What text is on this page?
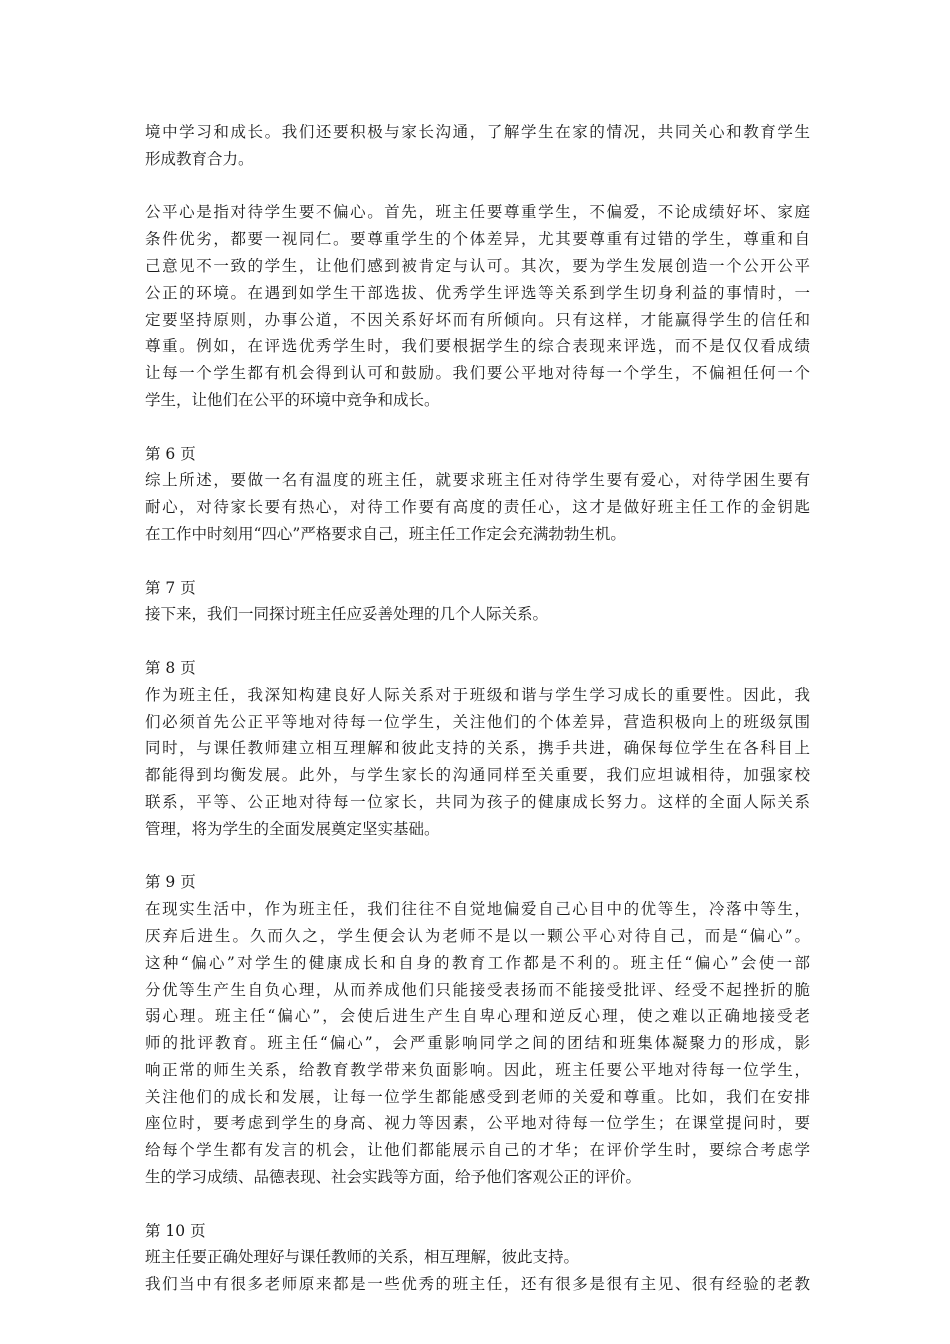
境中学习和成长。我们还要积极与家长沟通，了解学生在家的情况，共同关心和教育学生
形成教育合力。
公平心是指对待学生要不偏心。首先，班主任要尊重学生，不偏爱，不论成绩好坏、家庭
条件优劣，都要一视同仁。要尊重学生的个体差异，尤其要尊重有过错的学生，尊重和自
己意见不一致的学生，让他们感到被肯定与认可。其次，要为学生发展创造一个公开公平
公正的环境。在遇到如学生干部选拔、优秀学生评选等关系到学生切身利益的事情时，一
定要坚持原则，办事公道，不因关系好坏而有所倾向。只有这样，才能赢得学生的信任和
尊重。例如，在评选优秀学生时，我们要根据学生的综合表现来评选，而不是仅仅看成绩
让每一个学生都有机会得到认可和鼓励。我们要公平地对待每一个学生，不偏袒任何一个
学生，让他们在公平的环境中竞争和成长。
第 6 页
综上所述，要做一名有温度的班主任，就要求班主任对待学生要有爱心，对待学困生要有
耐心，对待家长要有热心，对待工作要有高度的责任心，这才是做好班主任工作的金钥匙
在工作中时刻用“四心”严格要求自己，班主任工作定会充满勃勃生机。
第 7 页
接下来，我们一同探讨班主任应妥善处理的几个人际关系。
第 8 页
作为班主任，我深知构建良好人际关系对于班级和谐与学生学习成长的重要性。因此，我
们必须首先公正平等地对待每一位学生，关注他们的个体差异，营造积极向上的班级氛围
同时，与课任教师建立相互理解和彼此支持的关系，携手共进，确保每位学生在各科目上
都能得到均衡发展。此外，与学生家长的沟通同样至关重要，我们应坦诚相待，加强家校
联系，平等、公正地对待每一位家长，共同为孩子的健康成长努力。这样的全面人际关系
管理，将为学生的全面发展奠定坚实基础。
第 9 页
在现实生活中，作为班主任，我们往往不自觉地偏爱自己心目中的优等生，冷落中等生，
厌弃后进生。久而久之，学生便会认为老师不是以一颗公平心对待自己，而是“偏心”。
这种“偏心”对学生的健康成长和自身的教育工作都是不利的。班主任“偏心”会使一部
分优等生产生自负心理，从而养成他们只能接受表扬而不能接受批评、经受不起挫折的脆
弱心理。班主任“偏心”，会使后进生产生自卑心理和逆反心理，使之难以正确地接受老
师的批评教育。班主任“偏心”，会严重影响同学之间的团结和班集体凝聚力的形成，影
响正常的师生关系，给教育教学带来负面影响。因此，班主任要公平地对待每一位学生，
关注他们的成长和发展，让每一位学生都能感受到老师的关爱和尊重。比如，我们在安排
座位时，要考虑到学生的身高、视力等因素，公平地对待每一位学生；在课堂提问时，要
给每个学生都有发言的机会，让他们都能展示自己的才华；在评价学生时，要综合考虑学
生的学习成绩、品德表现、社会实践等方面，给予他们客观公正的评价。
第 10 页
班主任要正确处理好与课任教师的关系，相互理解，彼此支持。
我们当中有很多老师原来都是一些优秀的班主任，还有很多是很有主见、很有经验的老教
